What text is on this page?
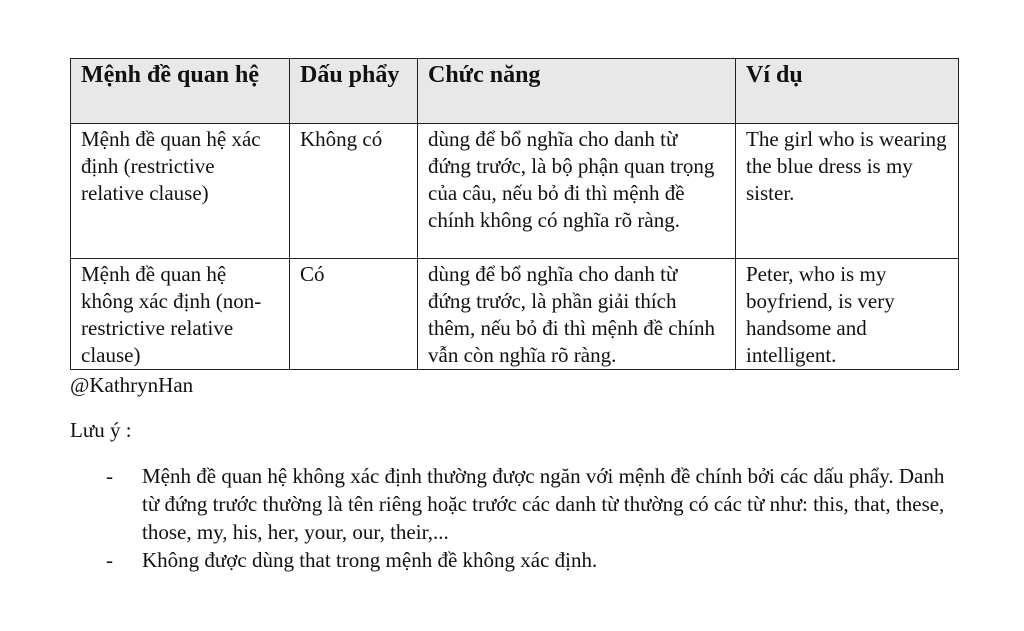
Mệnh đề quan hệ	Dấu phẩy	Chức năng	Ví dụ
Mệnh đề quan hệ xác định (restrictive relative clause)	Không có	dùng để bổ nghĩa cho danh từ đứng trước, là bộ phận quan trọng của câu, nếu bỏ đi thì mệnh đề chính không có nghĩa rõ ràng.	The girl who is wearing the blue dress is my sister.
Mệnh đề quan hệ không xác định (non-restrictive relative clause)	Có	dùng để bổ nghĩa cho danh từ đứng trước, là phần giải thích thêm, nếu bỏ đi thì mệnh đề chính vẫn còn nghĩa rõ ràng.	Peter, who is my boyfriend, is very handsome and intelligent.
@KathrynHan
Lưu ý :
- Mệnh đề quan hệ không xác định thường được ngăn với mệnh đề chính bởi các dấu phẩy. Danh từ đứng trước thường là tên riêng hoặc trước các danh từ thường có các từ như: this, that, these, those, my, his, her, your, our, their,...
- Không được dùng that trong mệnh đề không xác định.
